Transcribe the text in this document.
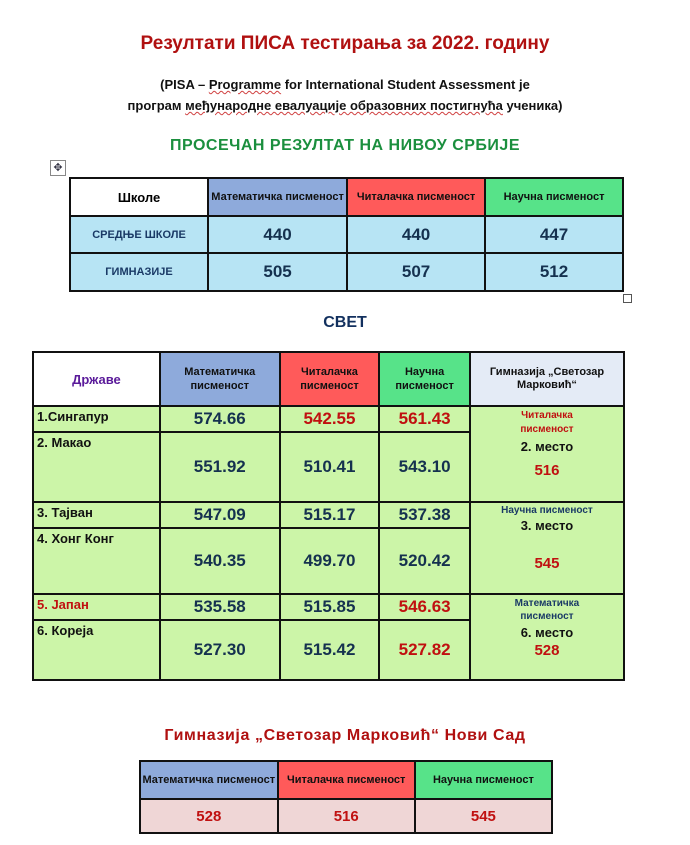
Резултати ПИСА тестирања за 2022. годину
(PISA – Programme for International Student Assessment је
програм међународне евалуације образовних постигнућа ученика)
ПРОСЕЧАН РЕЗУЛТАТ НА НИВОУ СРБИЈЕ
✥
Школе	Математичка писменост	Читалачка писменост	Научна писменост
СРЕДЊЕ ШКОЛЕ	440	440	447
ГИМНАЗИЈЕ	505	507	512
СВЕТ
Државе	Математичка писменост	Читалачка писменост	Научна писменост	Гимназија „Светозар Марковић“
1.Сингапур	574.66	542.55	561.43	Читалачка писменост
2. место
516

2. Макао	551.92	510.41	543.10	
3. Тајван	547.09	515.17	537.38	Научна писменост
3. место
545

4. Хонг Конг	540.35	499.70	520.42	
5. Јапан	535.58	515.85	546.63	Математичка писменост
6. место
528

6. Кореја	527.30	515.42	527.82	
Гимназија „Светозар Марковић“ Нови Сад
Математичка писменост	Читалачка писменост	Научна писменост
528	516	545
